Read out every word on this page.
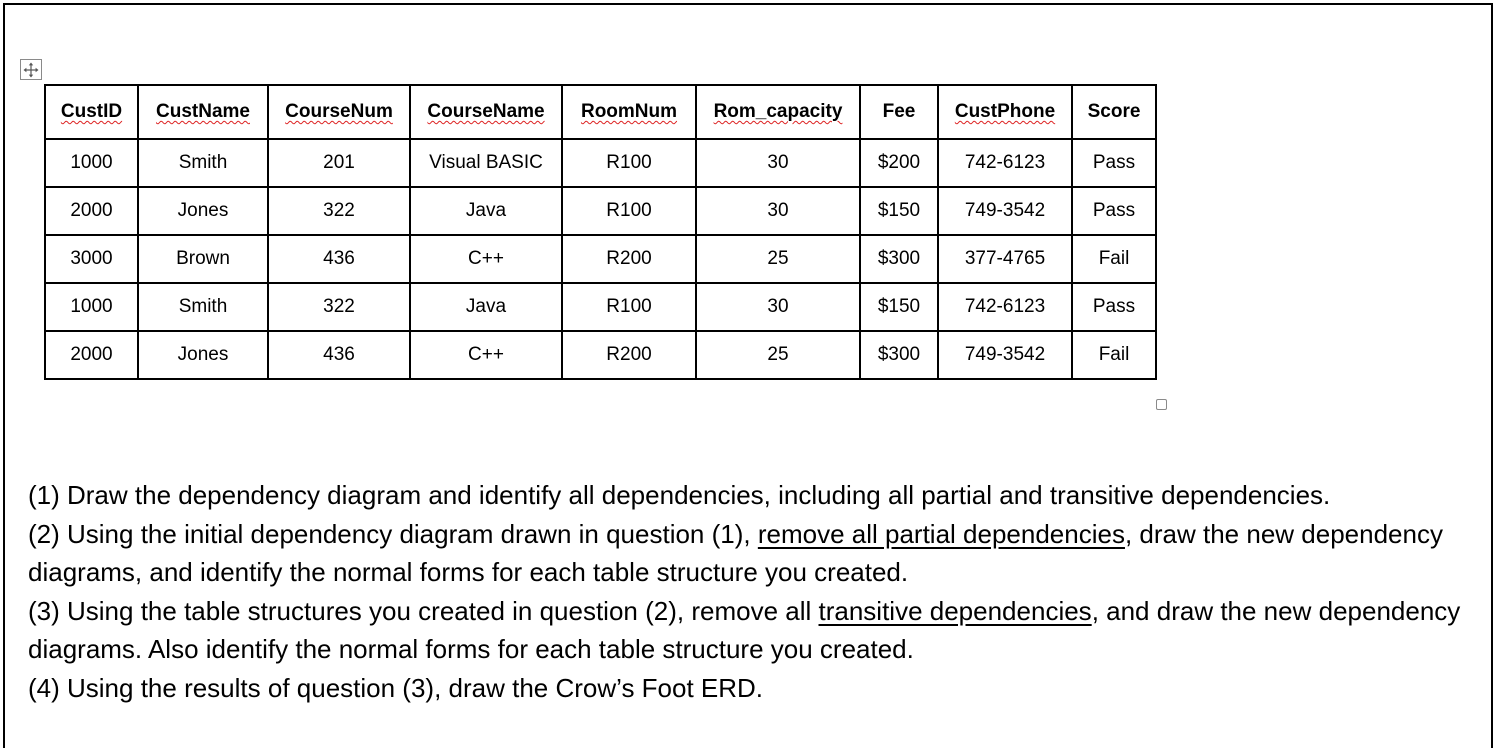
CustID	CustName	CourseNum	CourseName	RoomNum	Rom_capacity	Fee	CustPhone	Score
1000	Smith	201	Visual BASIC	R100	30	$200	742-6123	Pass
2000	Jones	322	Java	R100	30	$150	749-3542	Pass
3000	Brown	436	C++	R200	25	$300	377-4765	Fail
1000	Smith	322	Java	R100	30	$150	742-6123	Pass
2000	Jones	436	C++	R200	25	$300	749-3542	Fail

(1) Draw the dependency diagram and identify all dependencies, including all partial and transitive dependencies.

(2) Using the initial dependency diagram drawn in question (1), remove all partial dependencies, draw the new dependency diagrams, and identify the normal forms for each table structure you created.

(3) Using the table structures you created in question (2), remove all transitive dependencies, and draw the new dependency diagrams. Also identify the normal forms for each table structure you created.

(4) Using the results of question (3), draw the Crow’s Foot ERD.
